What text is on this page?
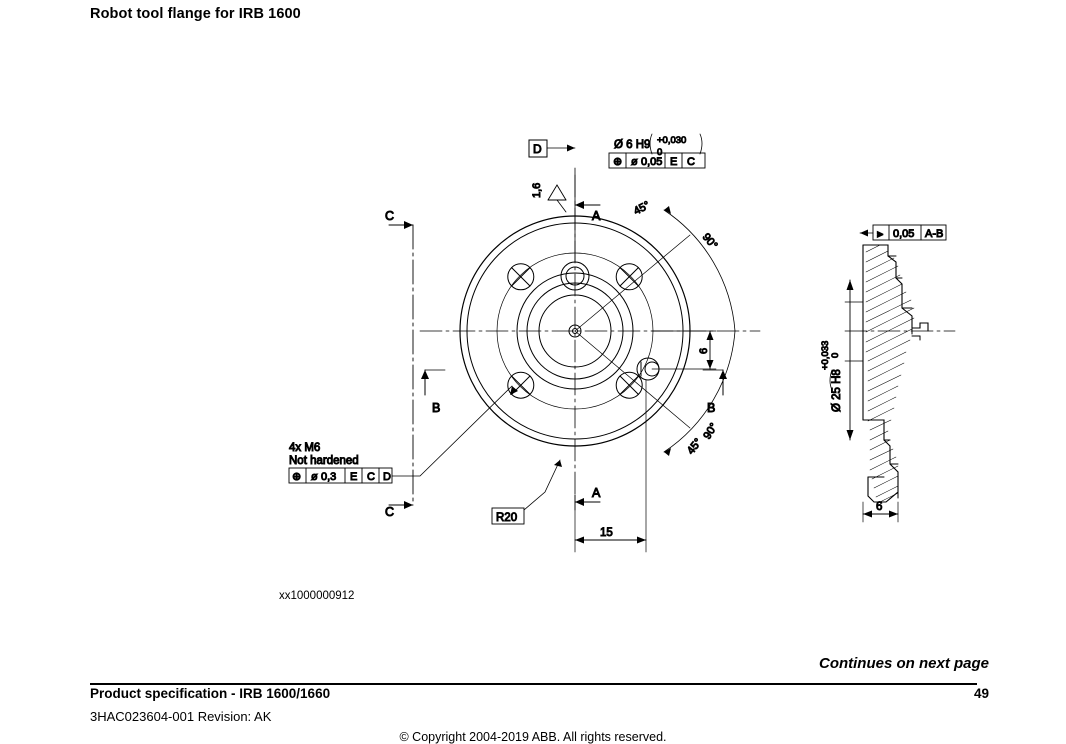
Robot tool flange for IRB 1600
45°
90°
90°
45°
D
1,6
Ø 6 H9 +0,030
0
⊕ ø 0,05 E C
A
A
B	B
C
C
4x M6
Not hardened
⊕ ø 0,3 E C D
R20
15
6
⫸ 0,05 A-B
Ø 25 H8
+0,033 0
6
xx1000000912
Continues on next page
Product specification - IRB 1600/1660	49
3HAC023604-001 Revision: AK
© Copyright 2004-2019 ABB. All rights reserved.
